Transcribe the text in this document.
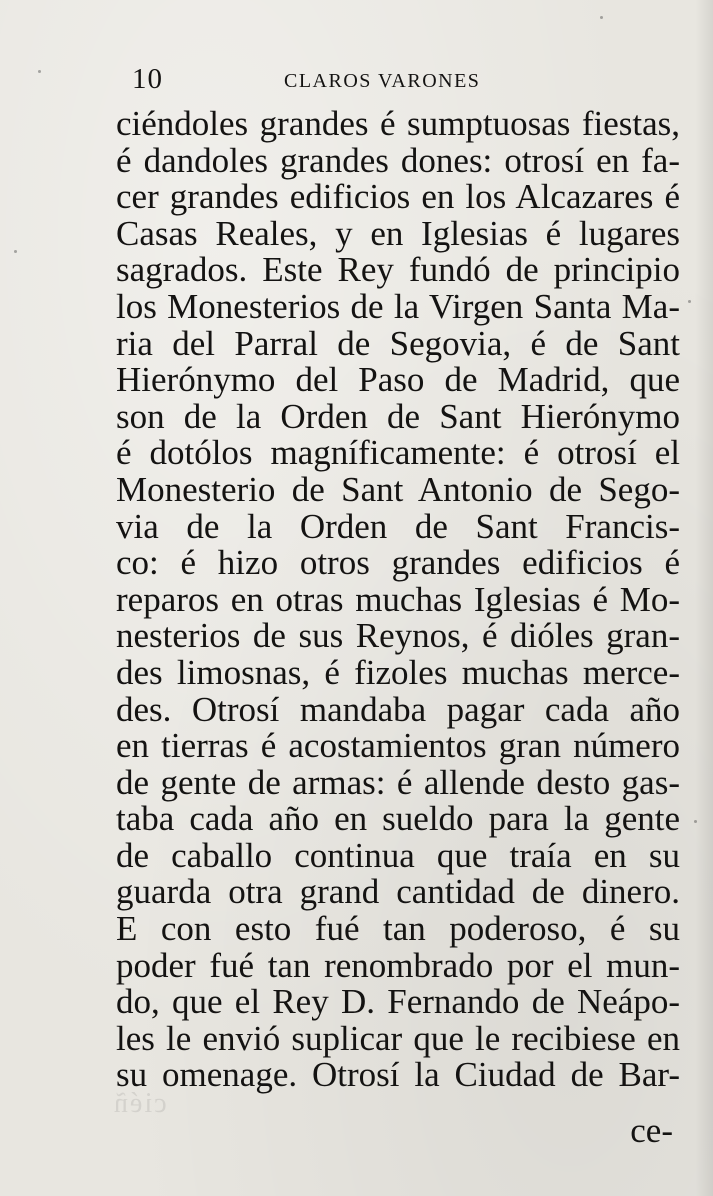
10	CLAROS VARONES
ciéndoles grandes é sumptuosas fiestas,
é dandoles grandes dones: otrosí en fa-
cer grandes edificios en los Alcazares é
Casas Reales, y en Iglesias é lugares
sagrados. Este Rey fundó de principio
los Monesterios de la Virgen Santa Ma-
ria del Parral de Segovia, é de Sant
Hierónymo del Paso de Madrid, que
son de la Orden de Sant Hierónymo
é dotólos magníficamente: é otrosí el
Monesterio de Sant Antonio de Sego-
via de la Orden de Sant Francis-
co: é hizo otros grandes edificios é
reparos en otras muchas Iglesias é Mo-
nesterios de sus Reynos, é dióles gran-
des limosnas, é fizoles muchas merce-
des. Otrosí mandaba pagar cada año
en tierras é acostamientos gran número
de gente de armas: é allende desto gas-
taba cada año en sueldo para la gente
de caballo continua que traía en su
guarda otra grand cantidad de dinero.
E con esto fué tan poderoso, é su
poder fué tan renombrado por el mun-
do, que el Rey D. Fernando de Neápo-
les le envió suplicar que le recibiese en
su omenage. Otrosí la Ciudad de Bar-
ciéñ
ce-
